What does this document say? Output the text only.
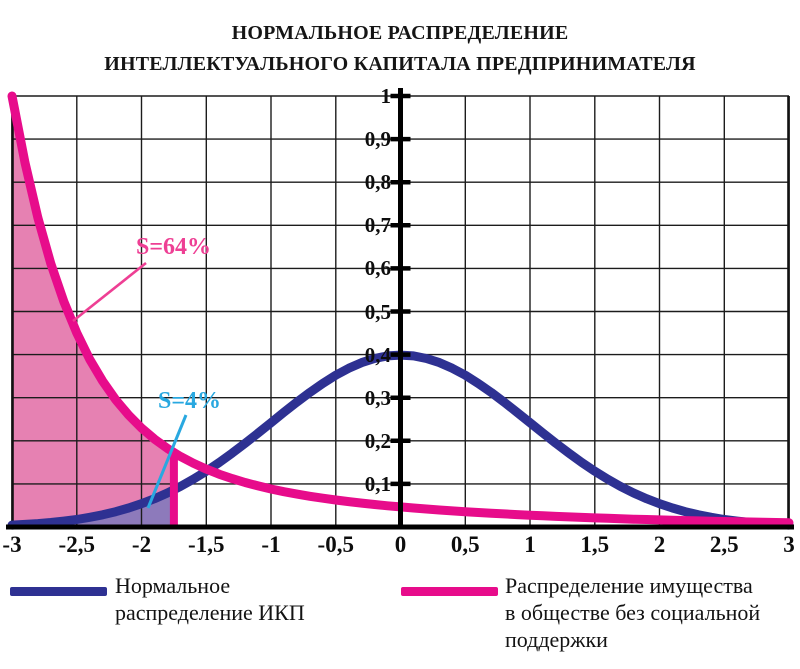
НОРМАЛЬНОЕ РАСПРЕДЕЛЕНИЕ
ИНТЕЛЛЕКТУАЛЬНОГО КАПИТАЛА ПРЕДПРИНИМАТЕЛЯ
1
0,9
0,8
0,7
0,6
0,5
0,4
0,3
0,2
0,1
-3 -2,5 -2 -1,5 -1 -0,5 0 0,5 1 1,5 2 2,5 3
S=64%
S=4%
Нормальное
распределение ИКП
Распределение имущества
в обществе без социальной
поддержки
